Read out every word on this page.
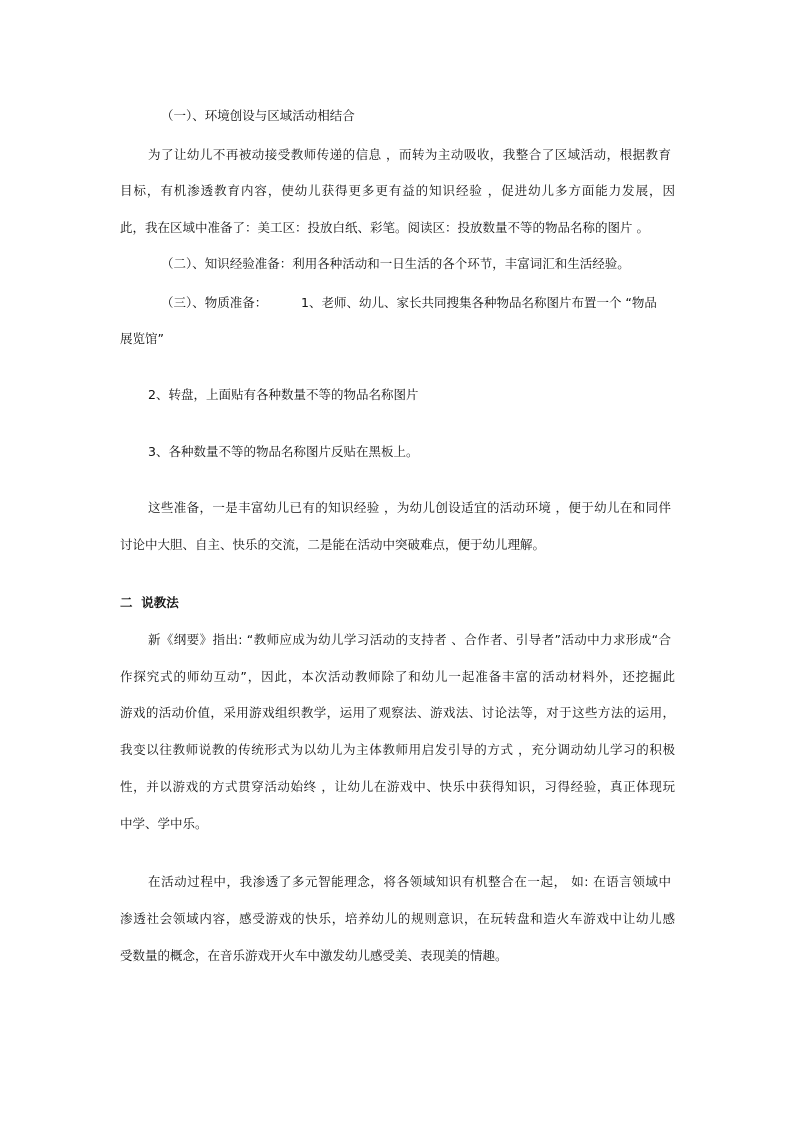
（一）、环境创设与区域活动相结合

为了让幼儿不再被动接受教师传递的信息 ，而转为主动吸收，我整合了区域活动，根据教育

目标，有机渗透教育内容，使幼儿获得更多更有益的知识经验 ，促进幼儿多方面能力发展，因

此，我在区域中准备了：美工区：投放白纸、彩笔。阅读区：投放数量不等的物品名称的图片 。

（二）、知识经验准备：利用各种活动和一日生活的各个环节，丰富词汇和生活经验。

（三）、物质准备：	1、老师、幼儿、家长共同搜集各种物品名称图片布置一个 “物品

展览馆”

2、转盘，上面贴有各种数量不等的物品名称图片

3、各种数量不等的物品名称图片反贴在黑板上。

这些准备，一是丰富幼儿已有的知识经验 ，为幼儿创设适宜的活动环境 ，便于幼儿在和同伴

讨论中大胆、自主、快乐的交流，二是能在活动中突破难点，便于幼儿理解。

二  说教法

新《纲要》指出: “教师应成为幼儿学习活动的支持者 、合作者、引导者”活动中力求形成“合

作探究式的师幼互动”，因此，本次活动教师除了和幼儿一起准备丰富的活动材料外，还挖掘此

游戏的活动价值，采用游戏组织教学，运用了观察法、游戏法、讨论法等，对于这些方法的运用，

我变以往教师说教的传统形式为以幼儿为主体教师用启发引导的方式 ，充分调动幼儿学习的积极

性，并以游戏的方式贯穿活动始终 ，让幼儿在游戏中、快乐中获得知识，习得经验，真正体现玩

中学、学中乐。

在活动过程中，我渗透了多元智能理念，将各领域知识有机整合在一起， 如: 在语言领域中

渗透社会领域内容，感受游戏的快乐，培养幼儿的规则意识，在玩转盘和造火车游戏中让幼儿感

受数量的概念，在音乐游戏开火车中激发幼儿感受美、表现美的情趣。
